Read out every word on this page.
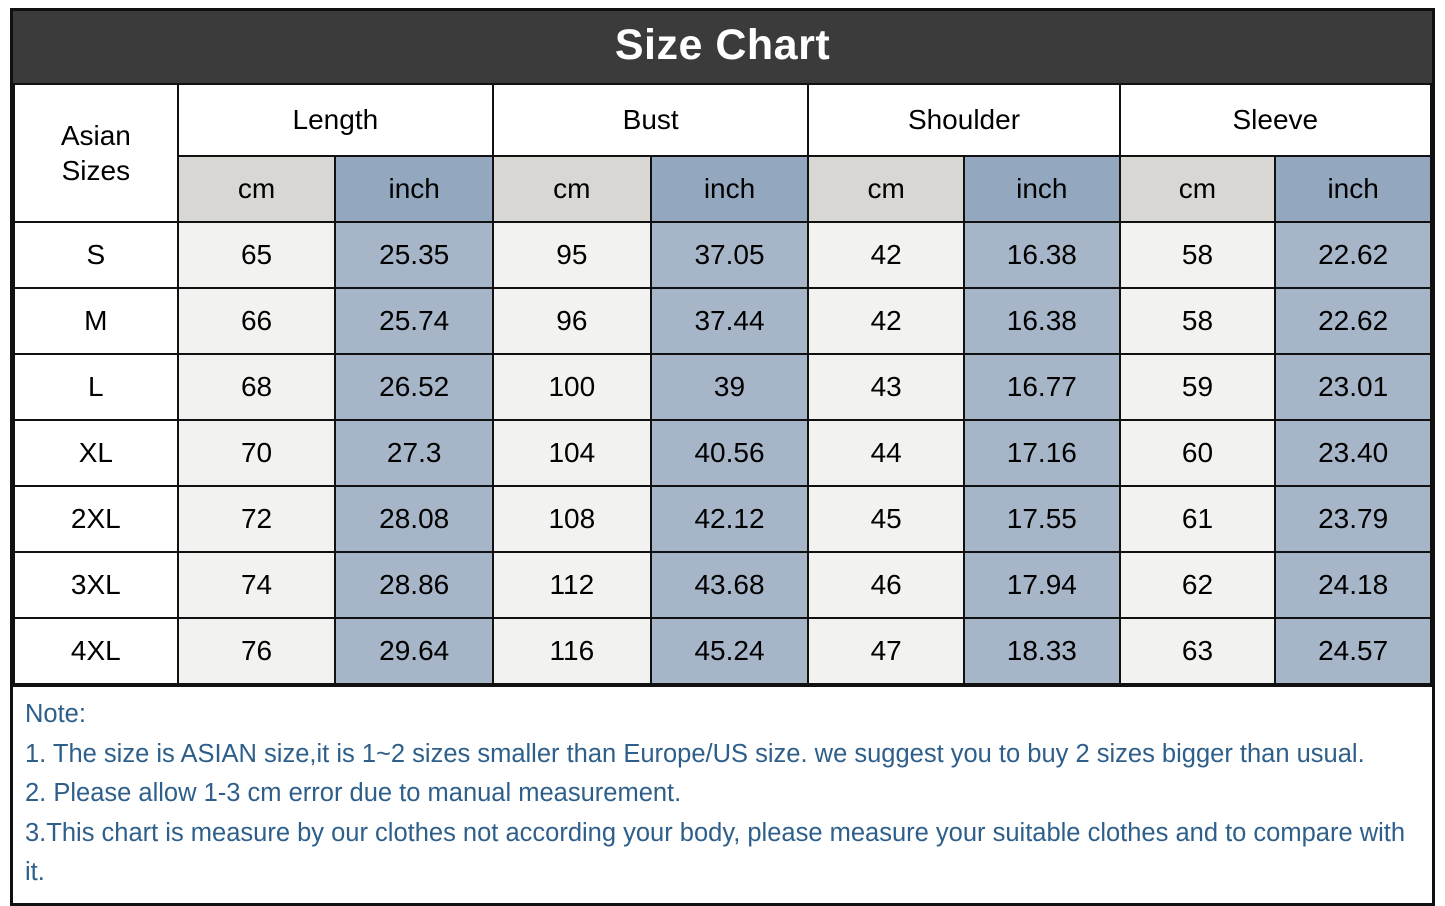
Size Chart
Asian
Sizes	Length		Bust		Shoulder		Sleeve	
	cm	inch	cm	inch	cm	inch	cm	inch
S	65	25.35	95	37.05	42	16.38	58	22.62
M	66	25.74	96	37.44	42	16.38	58	22.62
L	68	26.52	100	39	43	16.77	59	23.01
XL	70	27.3	104	40.56	44	17.16	60	23.40
2XL	72	28.08	108	42.12	45	17.55	61	23.79
3XL	74	28.86	112	43.68	46	17.94	62	24.18
4XL	76	29.64	116	45.24	47	18.33	63	24.57
Note:
1. The size is ASIAN size,it is 1~2 sizes smaller than Europe/US size. we suggest you to buy 2 sizes bigger than usual.
2. Please allow 1-3 cm error due to manual measurement.
3.This chart is measure by our clothes not according your body, please measure your suitable clothes and to compare with it.
